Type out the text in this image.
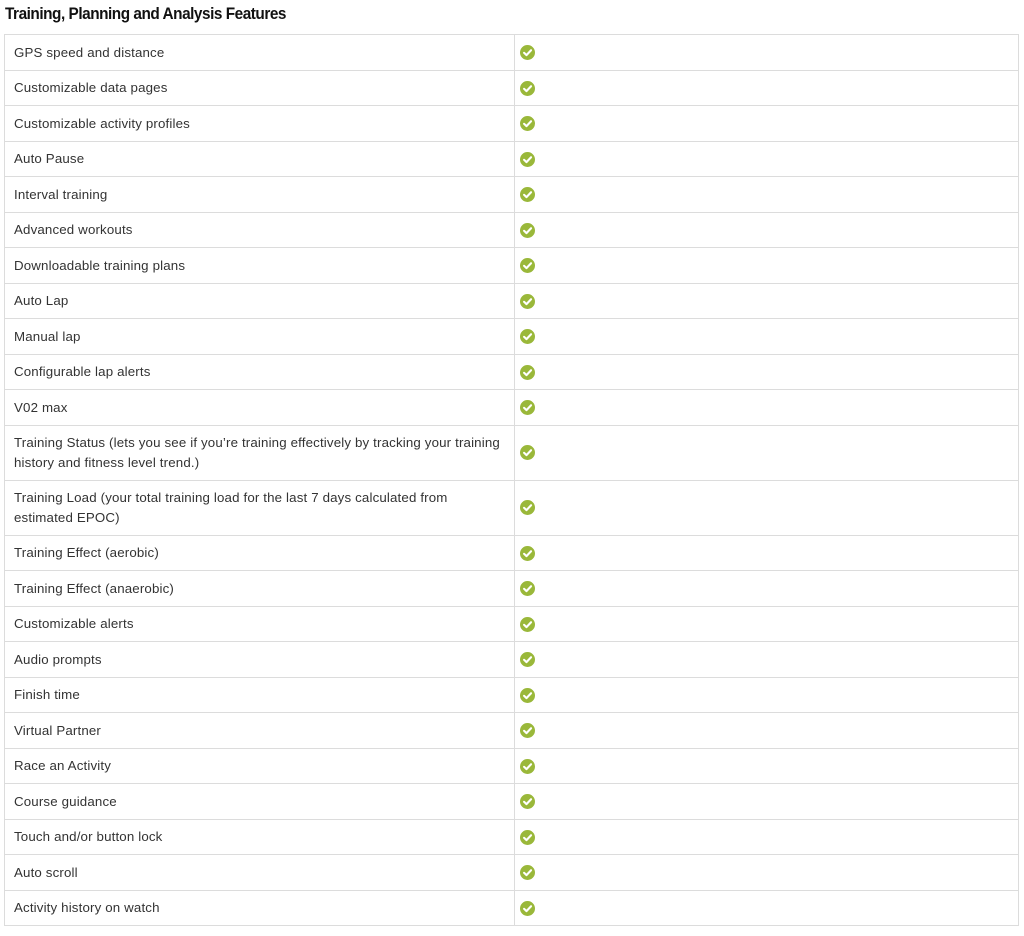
Training, Planning and Analysis Features
GPS speed and distance	

Customizable data pages	

Customizable activity profiles	

Auto Pause	

Interval training	

Advanced workouts	

Downloadable training plans	

Auto Lap	

Manual lap	

Configurable lap alerts	

V02 max	

Training Status (lets you see if you’re training effectively by tracking your training history and fitness level trend.)	

Training Load (your total training load for the last 7 days calculated from estimated EPOC)	

Training Effect (aerobic)	

Training Effect (anaerobic)	

Customizable alerts	

Audio prompts	

Finish time	

Virtual Partner	

Race an Activity	

Course guidance	

Touch and/or button lock	

Auto scroll	

Activity history on watch	
